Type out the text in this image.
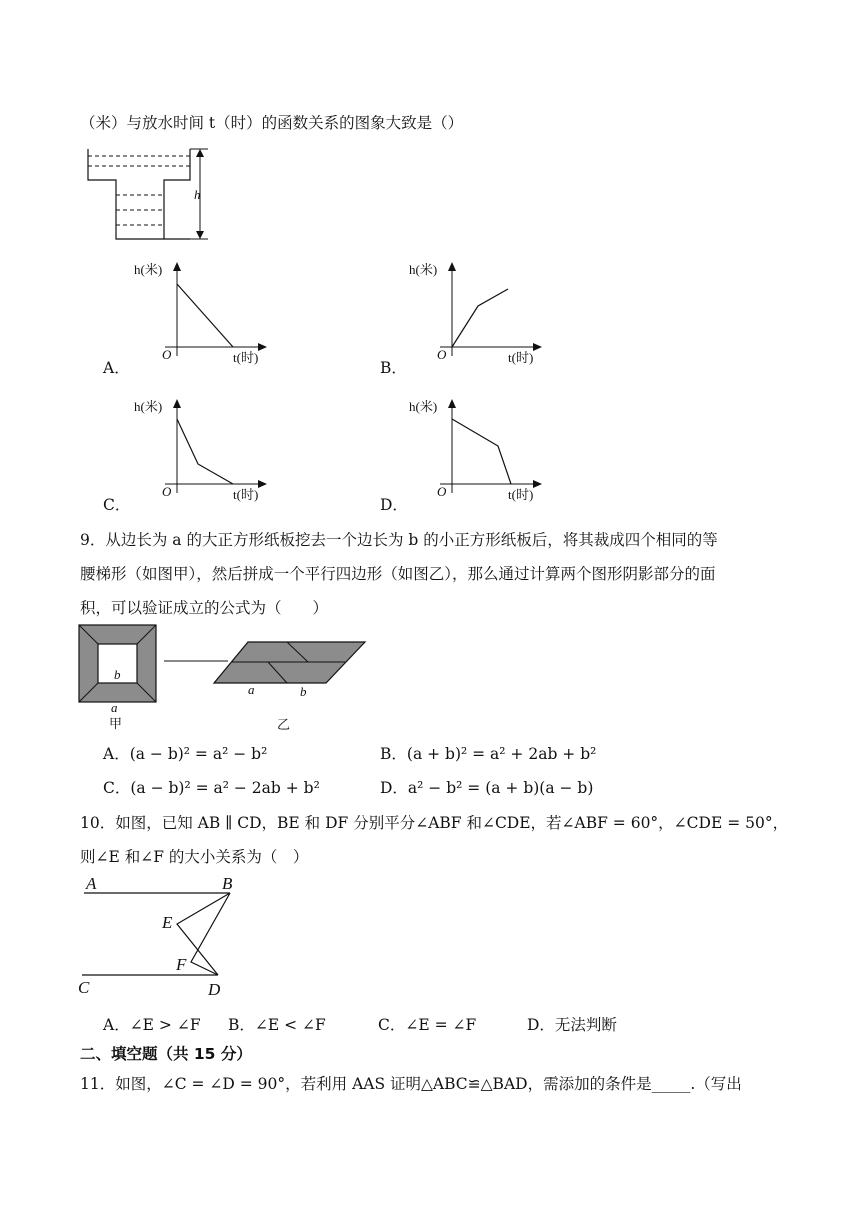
（米）与放水时间 t（时）的函数关系的图象大致是（）
h
A．
h(米)
O	t(时)
B．
h(米)
O	t(时)
C．
h(米)
O	t(时)
D．
h(米)
O	t(时)
9．从边长为 a 的大正方形纸板挖去一个边长为 b 的小正方形纸板后，将其裁成四个相同的等
腰梯形（如图甲），然后拼成一个平行四边形（如图乙），那么通过计算两个图形阴影部分的面
积，可以验证成立的公式为（　　）
b
a
甲
a	b
乙
A．(a − b)² = a² − b²	B．(a + b)² = a² + 2ab + b²
C．(a − b)² = a² − 2ab + b²	D．a² − b² = (a + b)(a − b)
10．如图，已知 AB ∥ CD，BE 和 DF 分别平分∠ABF 和∠CDE，若∠ABF = 60°，∠CDE = 50°，
则∠E 和∠F 的大小关系为（　）
A	B
E
F
C	D
A．∠E > ∠F B．∠E < ∠F	C．∠E = ∠F	D．无法判断
二、填空题（共 15 分）
11．如图，∠C = ∠D = 90°，若利用 AAS 证明△ABC≌△BAD，需添加的条件是_____.（写出
